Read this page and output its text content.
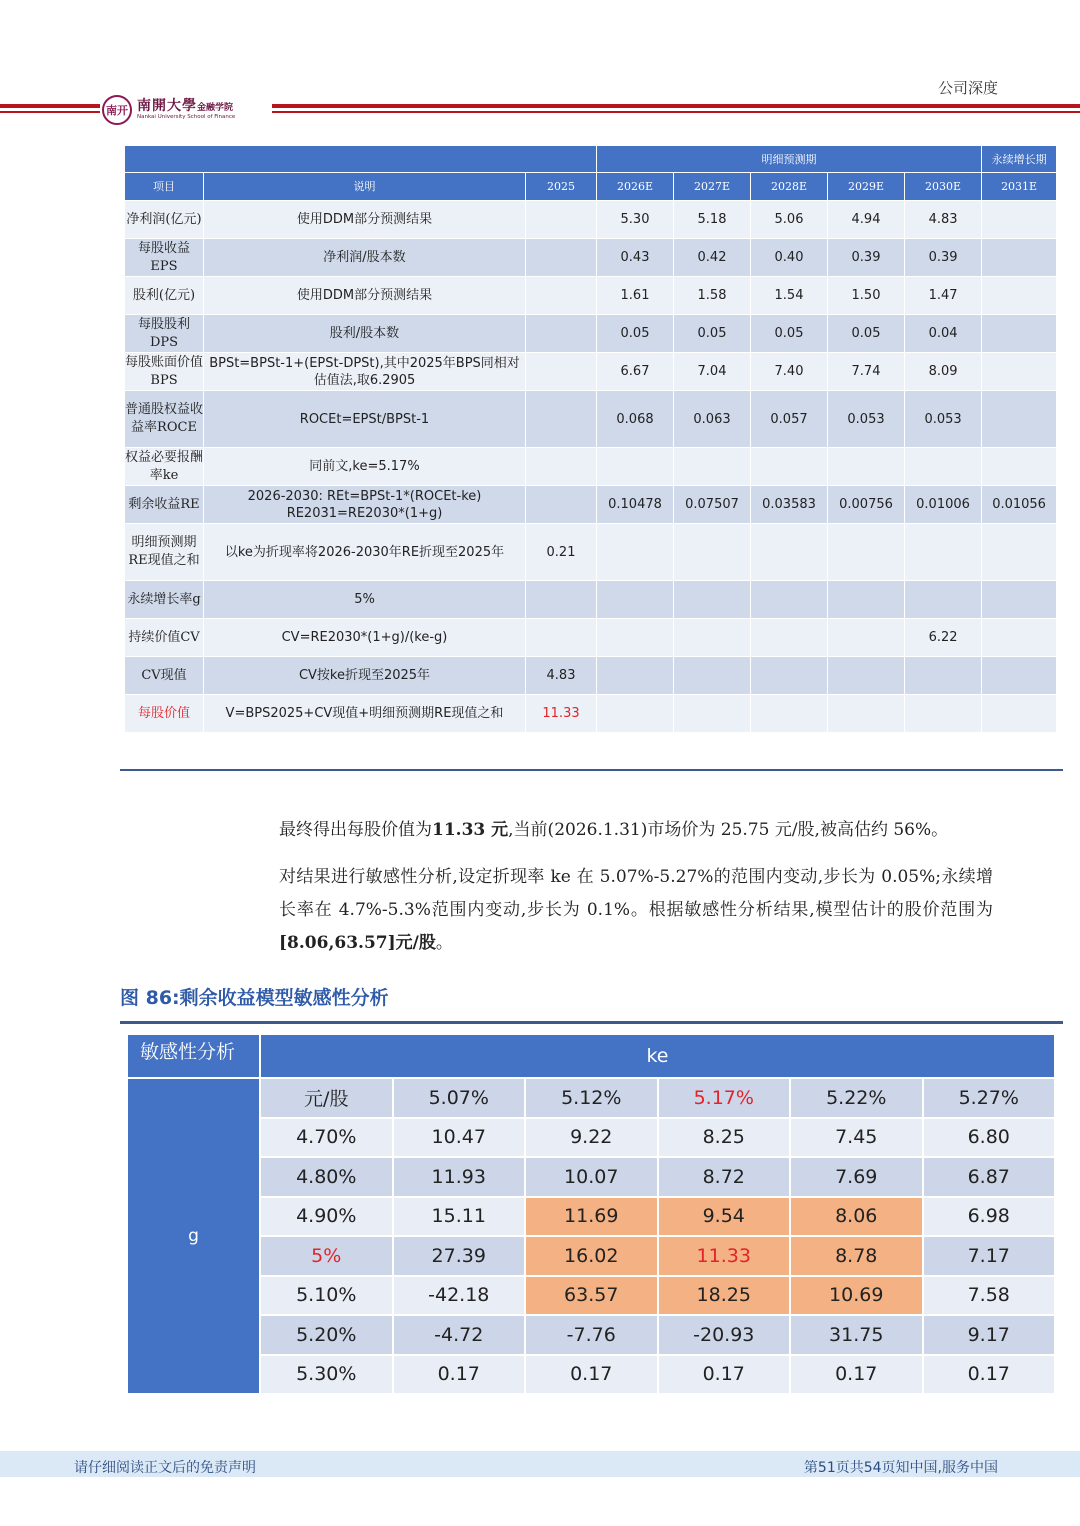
南开 南開大學金融学院
Nankai University School of Finance
公司深度
			明细预测期					永续增长期
项目	说明	2025	2026E	2027E	2028E	2029E	2030E	2031E
净利润(亿元)	使用DDM部分预测结果		5.30	5.18	5.06	4.94	4.83	
每股收益EPS	净利润/股本数		0.43	0.42	0.40	0.39	0.39	
股利(亿元)	使用DDM部分预测结果		1.61	1.58	1.54	1.50	1.47	
每股股利DPS	股利/股本数		0.05	0.05	0.05	0.05	0.04	
每股账面价值BPS	BPSt=BPSt-1+(EPSt-DPSt),其中2025年BPS同相对估值法,取6.2905		6.67	7.04	7.40	7.74	8.09	
普通股权益收益率ROCE	ROCEt=EPSt/BPSt-1		0.068	0.063	0.057	0.053	0.053	
权益必要报酬率ke	同前文,ke=5.17%							
剩余收益RE	2026-2030: REt=BPSt-1*(ROCEt-ke) RE2031=RE2030*(1+g)		0.10478	0.07507	0.03583	0.00756	0.01006	0.01056
明细预测期RE现值之和	以ke为折现率将2026-2030年RE折现至2025年	0.21						
永续增长率g	5%							
持续价值CV	CV=RE2030*(1+g)/(ke-g)						6.22	
CV现值	CV按ke折现至2025年	4.83						
每股价值	V=BPS2025+CV现值+明细预测期RE现值之和	11.33						
最终得出每股价值为11.33 元,当前(2026.1.31)市场价为 25.75 元/股,被高估约 56%。
对结果进行敏感性分析,设定折现率 ke 在 5.07%-5.27%的范围内变动,步长为 0.05%;永续增长率在 4.7%-5.3%范围内变动,步长为 0.1%。根据敏感性分析结果,模型估计的股价范围为[8.06,63.57]元/股。
图 86:剩余收益模型敏感性分析
敏感性分析	ke					
g	元/股	5.07%	5.12%	5.17%	5.22%	5.27%
	4.70%	10.47	9.22	8.25	7.45	6.80
	4.80%	11.93	10.07	8.72	7.69	6.87
	4.90%	15.11	11.69	9.54	8.06	6.98
	5%	27.39	16.02	11.33	8.78	7.17
	5.10%	-42.18	63.57	18.25	10.69	7.58
	5.20%	-4.72	-7.76	-20.93	31.75	9.17
	5.30%	0.17	0.17	0.17	0.17	0.17
请仔细阅读正文后的免责声明	第51页共54页知中国,服务中国
